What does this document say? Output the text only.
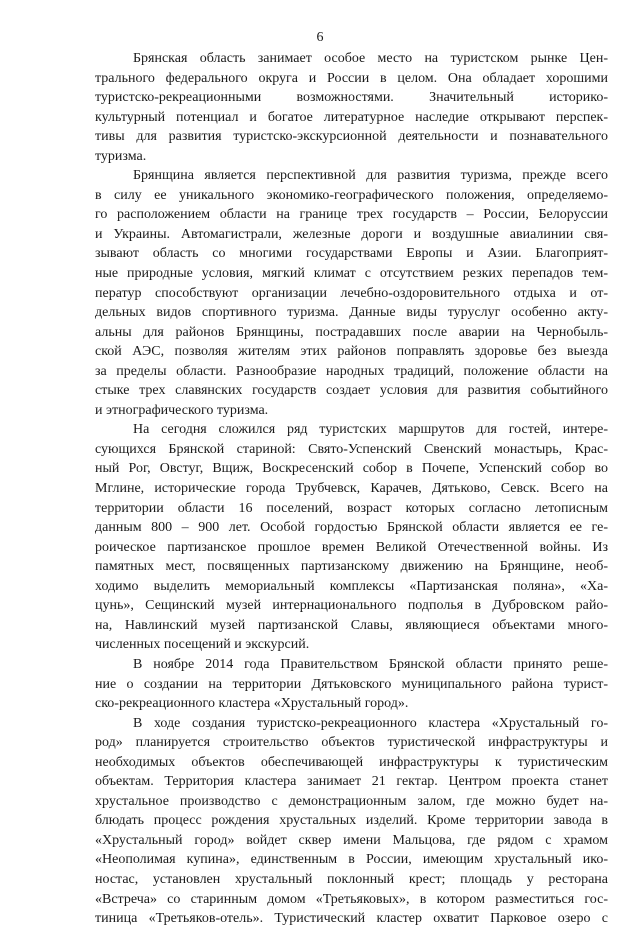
6
Брянская область занимает особое место на туристском рынке Цен-
трального федерального округа и России в целом. Она обладает хорошими
туристско-рекреационными возможностями. Значительный историко-
культурный потенциал и богатое литературное наследие открывают перспек-
тивы для развития туристско-экскурсионной деятельности и познавательного
туризма.
Брянщина является перспективной для развития туризма, прежде всего
в силу ее уникального экономико-географического положения, определяемо-
го расположением области на границе трех государств – России, Белоруссии
и Украины. Автомагистрали, железные дороги и воздушные авиалинии свя-
зывают область со многими государствами Европы и Азии. Благоприят-
ные природные условия, мягкий климат с отсутствием резких перепадов тем-
ператур способствуют организации лечебно-оздоровительного отдыха и от-
дельных видов спортивного туризма. Данные виды туруслуг особенно акту-
альны для районов Брянщины, пострадавших после аварии на Чернобыль-
ской АЭС, позволяя жителям этих районов поправлять здоровье без выезда
за пределы области. Разнообразие народных традиций, положение области на
стыке трех славянских государств создает условия для развития событийного
и этнографического туризма.
На сегодня сложился ряд туристских маршрутов для гостей, интере-
сующихся Брянской стариной: Свято-Успенский Свенский монастырь, Крас-
ный Рог, Овстуг, Вщиж, Воскресенский собор в Почепе, Успенский собор во
Мглине, исторические города Трубчевск, Карачев, Дятьково, Севск. Всего на
территории области 16 поселений, возраст которых согласно летописным
данным 800 – 900 лет. Особой гордостью Брянской области является ее ге-
роическое партизанское прошлое времен Великой Отечественной войны. Из
памятных мест, посвященных партизанскому движению на Брянщине, необ-
ходимо выделить мемориальный комплексы «Партизанская поляна», «Ха-
цунь», Сещинский музей интернационального подполья в Дубровском райо-
на, Навлинский музей партизанской Славы, являющиеся объектами много-
численных посещений и экскурсий.
В ноябре 2014 года Правительством Брянской области принято реше-
ние о создании на территории Дятьковского муниципального района турист-
ско-рекреационного кластера «Хрустальный город».
В ходе создания туристско-рекреационного кластера «Хрустальный го-
род» планируется строительство объектов туристической инфраструктуры и
необходимых объектов обеспечивающей инфраструктуры к туристическим
объектам. Территория кластера занимает 21 гектар. Центром проекта станет
хрустальное производство с демонстрационным залом, где можно будет на-
блюдать процесс рождения хрустальных изделий. Кроме территории завода в
«Хрустальный город» войдет сквер имени Мальцова, где рядом с храмом
«Неополимая купина», единственным в России, имеющим хрустальный ико-
ностас, установлен хрустальный поклонный крест; площадь у ресторана
«Встреча» со старинным домом «Третьяковых», в котором разместиться гос-
тиница «Третьяков-отель». Туристический кластер охватит Парковое озеро с
